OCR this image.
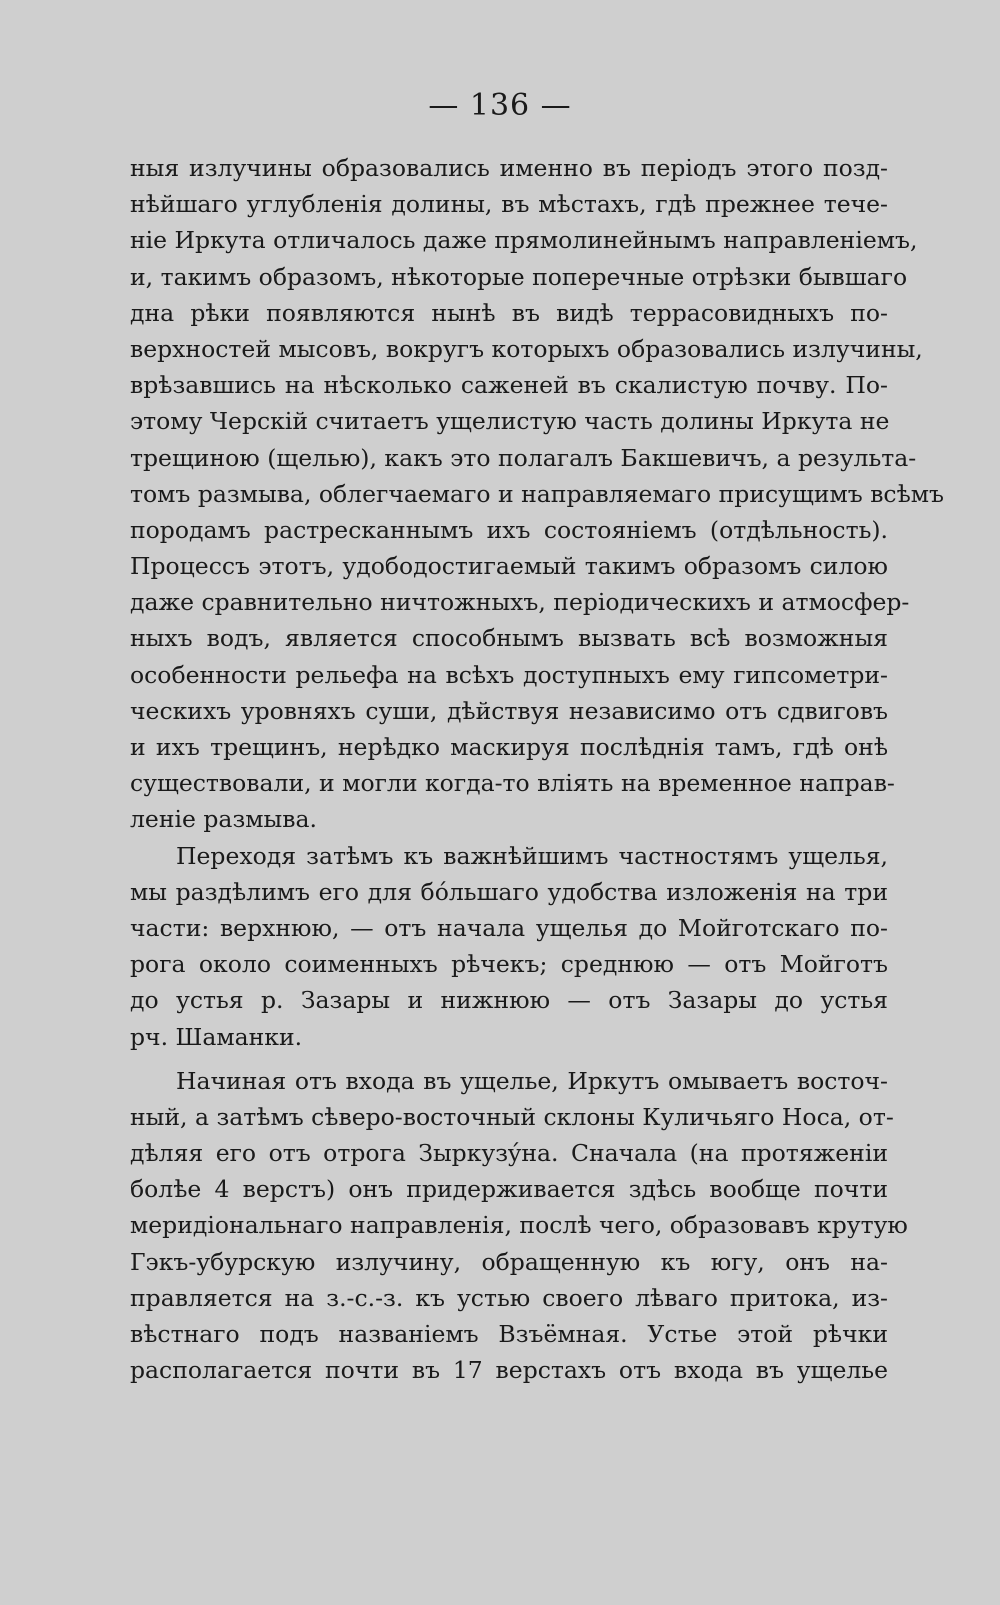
— 136 —
ныя излучины образовались именно въ періодъ этого позд-
нѣйшаго углубленія долины, въ мѣстахъ, гдѣ прежнее тече-
ніе Иркута отличалось даже прямолинейнымъ направленіемъ,
и, такимъ образомъ, нѣкоторые поперечные отрѣзки бывшаго
дна рѣки появляются нынѣ въ видѣ террасовидныхъ по-
верхностей мысовъ, вокругъ которыхъ образовались излучины,
врѣзавшись на нѣсколько саженей въ скалистую почву. По-
этому Черскій считаетъ ущелистую часть долины Иркута не
трещиною (щелью), какъ это полагалъ Бакшевичъ, а результа-
томъ размыва, облегчаемаго и направляемаго присущимъ всѣмъ
породамъ растресканнымъ ихъ состояніемъ (отдѣльность).
Процессъ этотъ, удободостигаемый такимъ образомъ силою
даже сравнительно ничтожныхъ, періодическихъ и атмосфер-
ныхъ водъ, является способнымъ вызвать всѣ возможныя
особенности рельефа на всѣхъ доступныхъ ему гипсометри-
ческихъ уровняхъ суши, дѣйствуя независимо отъ сдвиговъ
и ихъ трещинъ, нерѣдко маскируя послѣднія тамъ, гдѣ онѣ
существовали, и могли когда-то вліять на временное направ-
леніе размыва.
Переходя затѣмъ къ важнѣйшимъ частностямъ ущелья,
мы раздѣлимъ его для бóльшаго удобства изложенія на три
части: верхнюю, — отъ начала ущелья до Мойготскаго по-
рога около соименныхъ рѣчекъ; среднюю — отъ Мойготъ
до устья р. Зазары и нижнюю — отъ Зазары до устья
рч. Шаманки.
Начиная отъ входа въ ущелье, Иркутъ омываетъ восточ-
ный, а затѣмъ сѣверо-восточный склоны Куличьяго Носа, от-
дѣляя его отъ отрога Зыркузýна. Сначала (на протяженіи
болѣе 4 верстъ) онъ придерживается здѣсь вообще почти
меридіональнаго направленія, послѣ чего, образовавъ крутую
Гэкъ-убурскую излучину, обращенную къ югу, онъ на-
правляется на з.-с.-з. къ устью своего лѣваго притока, из-
вѣстнаго подъ названіемъ Взъёмная. Устье этой рѣчки
располагается почти въ 17 верстахъ отъ входа въ ущелье
